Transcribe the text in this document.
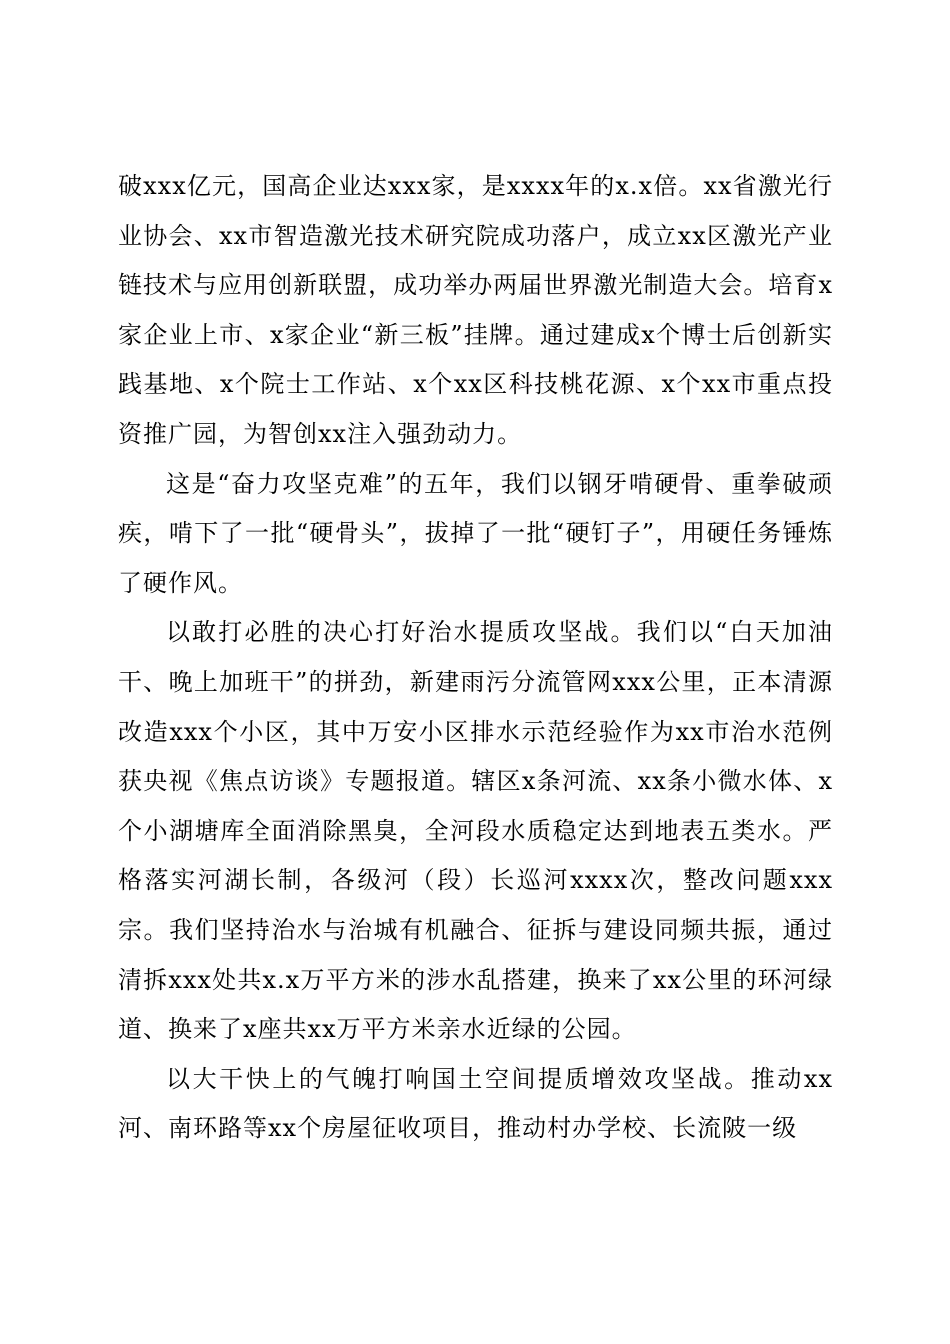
破xxx亿元，国高企业达xxx家，是xxxx年的x.x倍。xx省激光行业协会、xx市智造激光技术研究院成功落户，成立xx区激光产业链技术与应用创新联盟，成功举办两届世界激光制造大会。培育x家企业上市、x家企业“新三板”挂牌。通过建成x个博士后创新实践基地、x个院士工作站、x个xx区科技桃花源、x个xx市重点投资推广园，为智创xx注入强劲动力。

这是“奋力攻坚克难”的五年，我们以钢牙啃硬骨、重拳破顽疾，啃下了一批“硬骨头”，拔掉了一批“硬钉子”，用硬任务锤炼了硬作风。

以敢打必胜的决心打好治水提质攻坚战。我们以“白天加油干、晚上加班干”的拼劲，新建雨污分流管网xxx公里，正本清源改造xxx个小区，其中万安小区排水示范经验作为xx市治水范例获央视《焦点访谈》专题报道。辖区x条河流、xx条小微水体、x个小湖塘库全面消除黑臭，全河段水质稳定达到地表五类水。严格落实河湖长制，各级河（段）长巡河xxxx次，整改问题xxx宗。我们坚持治水与治城有机融合、征拆与建设同频共振，通过清拆xxx处共x.x万平方米的涉水乱搭建，换来了xx公里的环河绿道、换来了x座共xx万平方米亲水近绿的公园。

以大干快上的气魄打响国土空间提质增效攻坚战。推动xx河、南环路等xx个房屋征收项目，推动村办学校、长流陂一级
